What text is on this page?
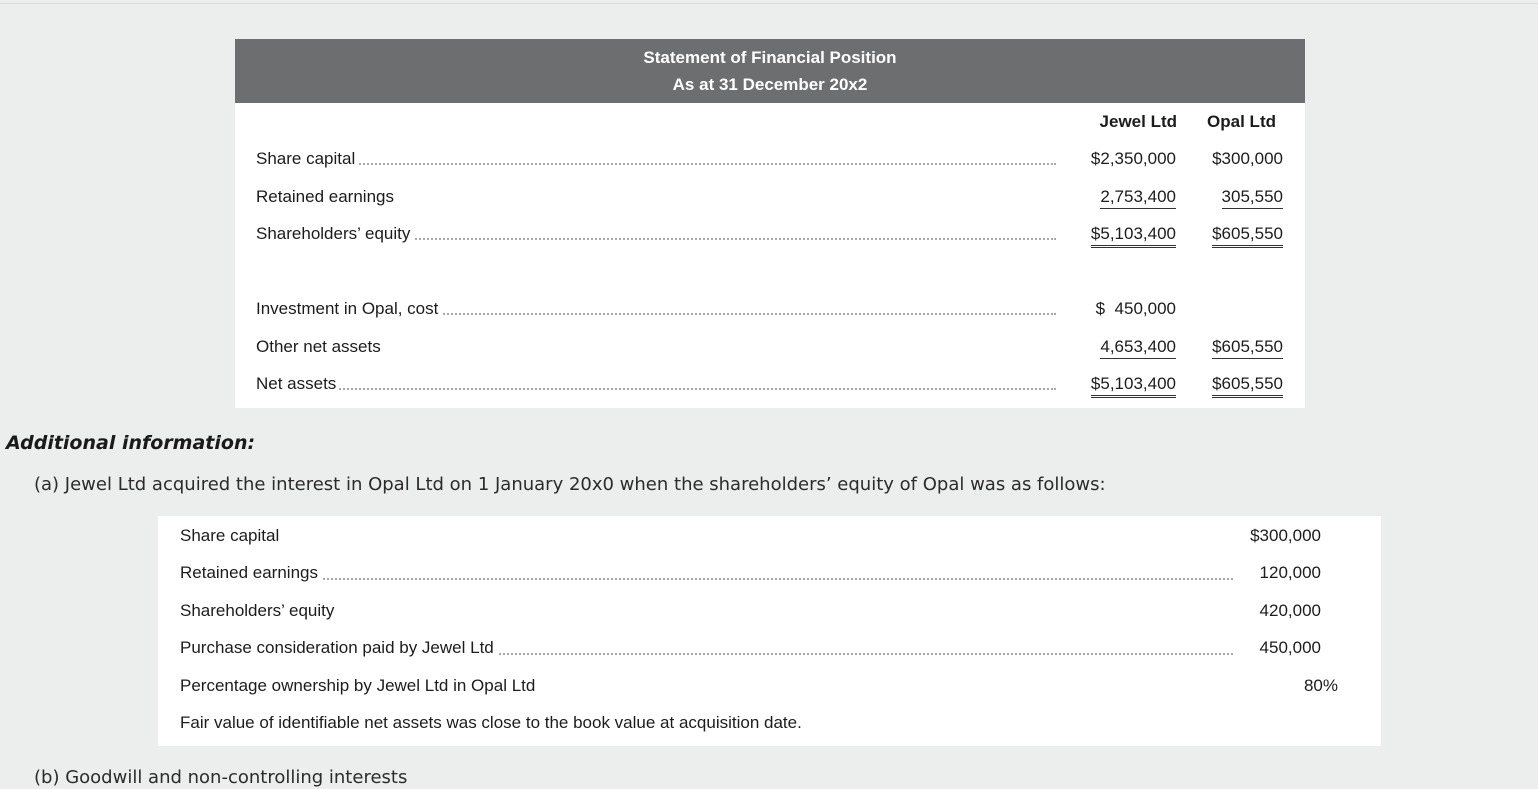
Statement of Financial Position
As at 31 December 20x2
Jewel Ltd Opal Ltd
Share capital	$2,350,000 $300,000
Retained earnings	2,753,400	305,550
Shareholders’ equity	$5,103,400 $605,550
Investment in Opal, cost	$  450,000
Other net assets	4,653,400 $605,550
Net assets	$5,103,400 $605,550
Additional information:
(a) Jewel Ltd acquired the interest in Opal Ltd on 1 January 20x0 when the shareholders’ equity of Opal was as follows:
Share capital	$300,000
Retained earnings	120,000
Shareholders’ equity	420,000
Purchase consideration paid by Jewel Ltd	450,000
Percentage ownership by Jewel Ltd in Opal Ltd	80%
Fair value of identifiable net assets was close to the book value at acquisition date.
(b) Goodwill and non-controlling interests
